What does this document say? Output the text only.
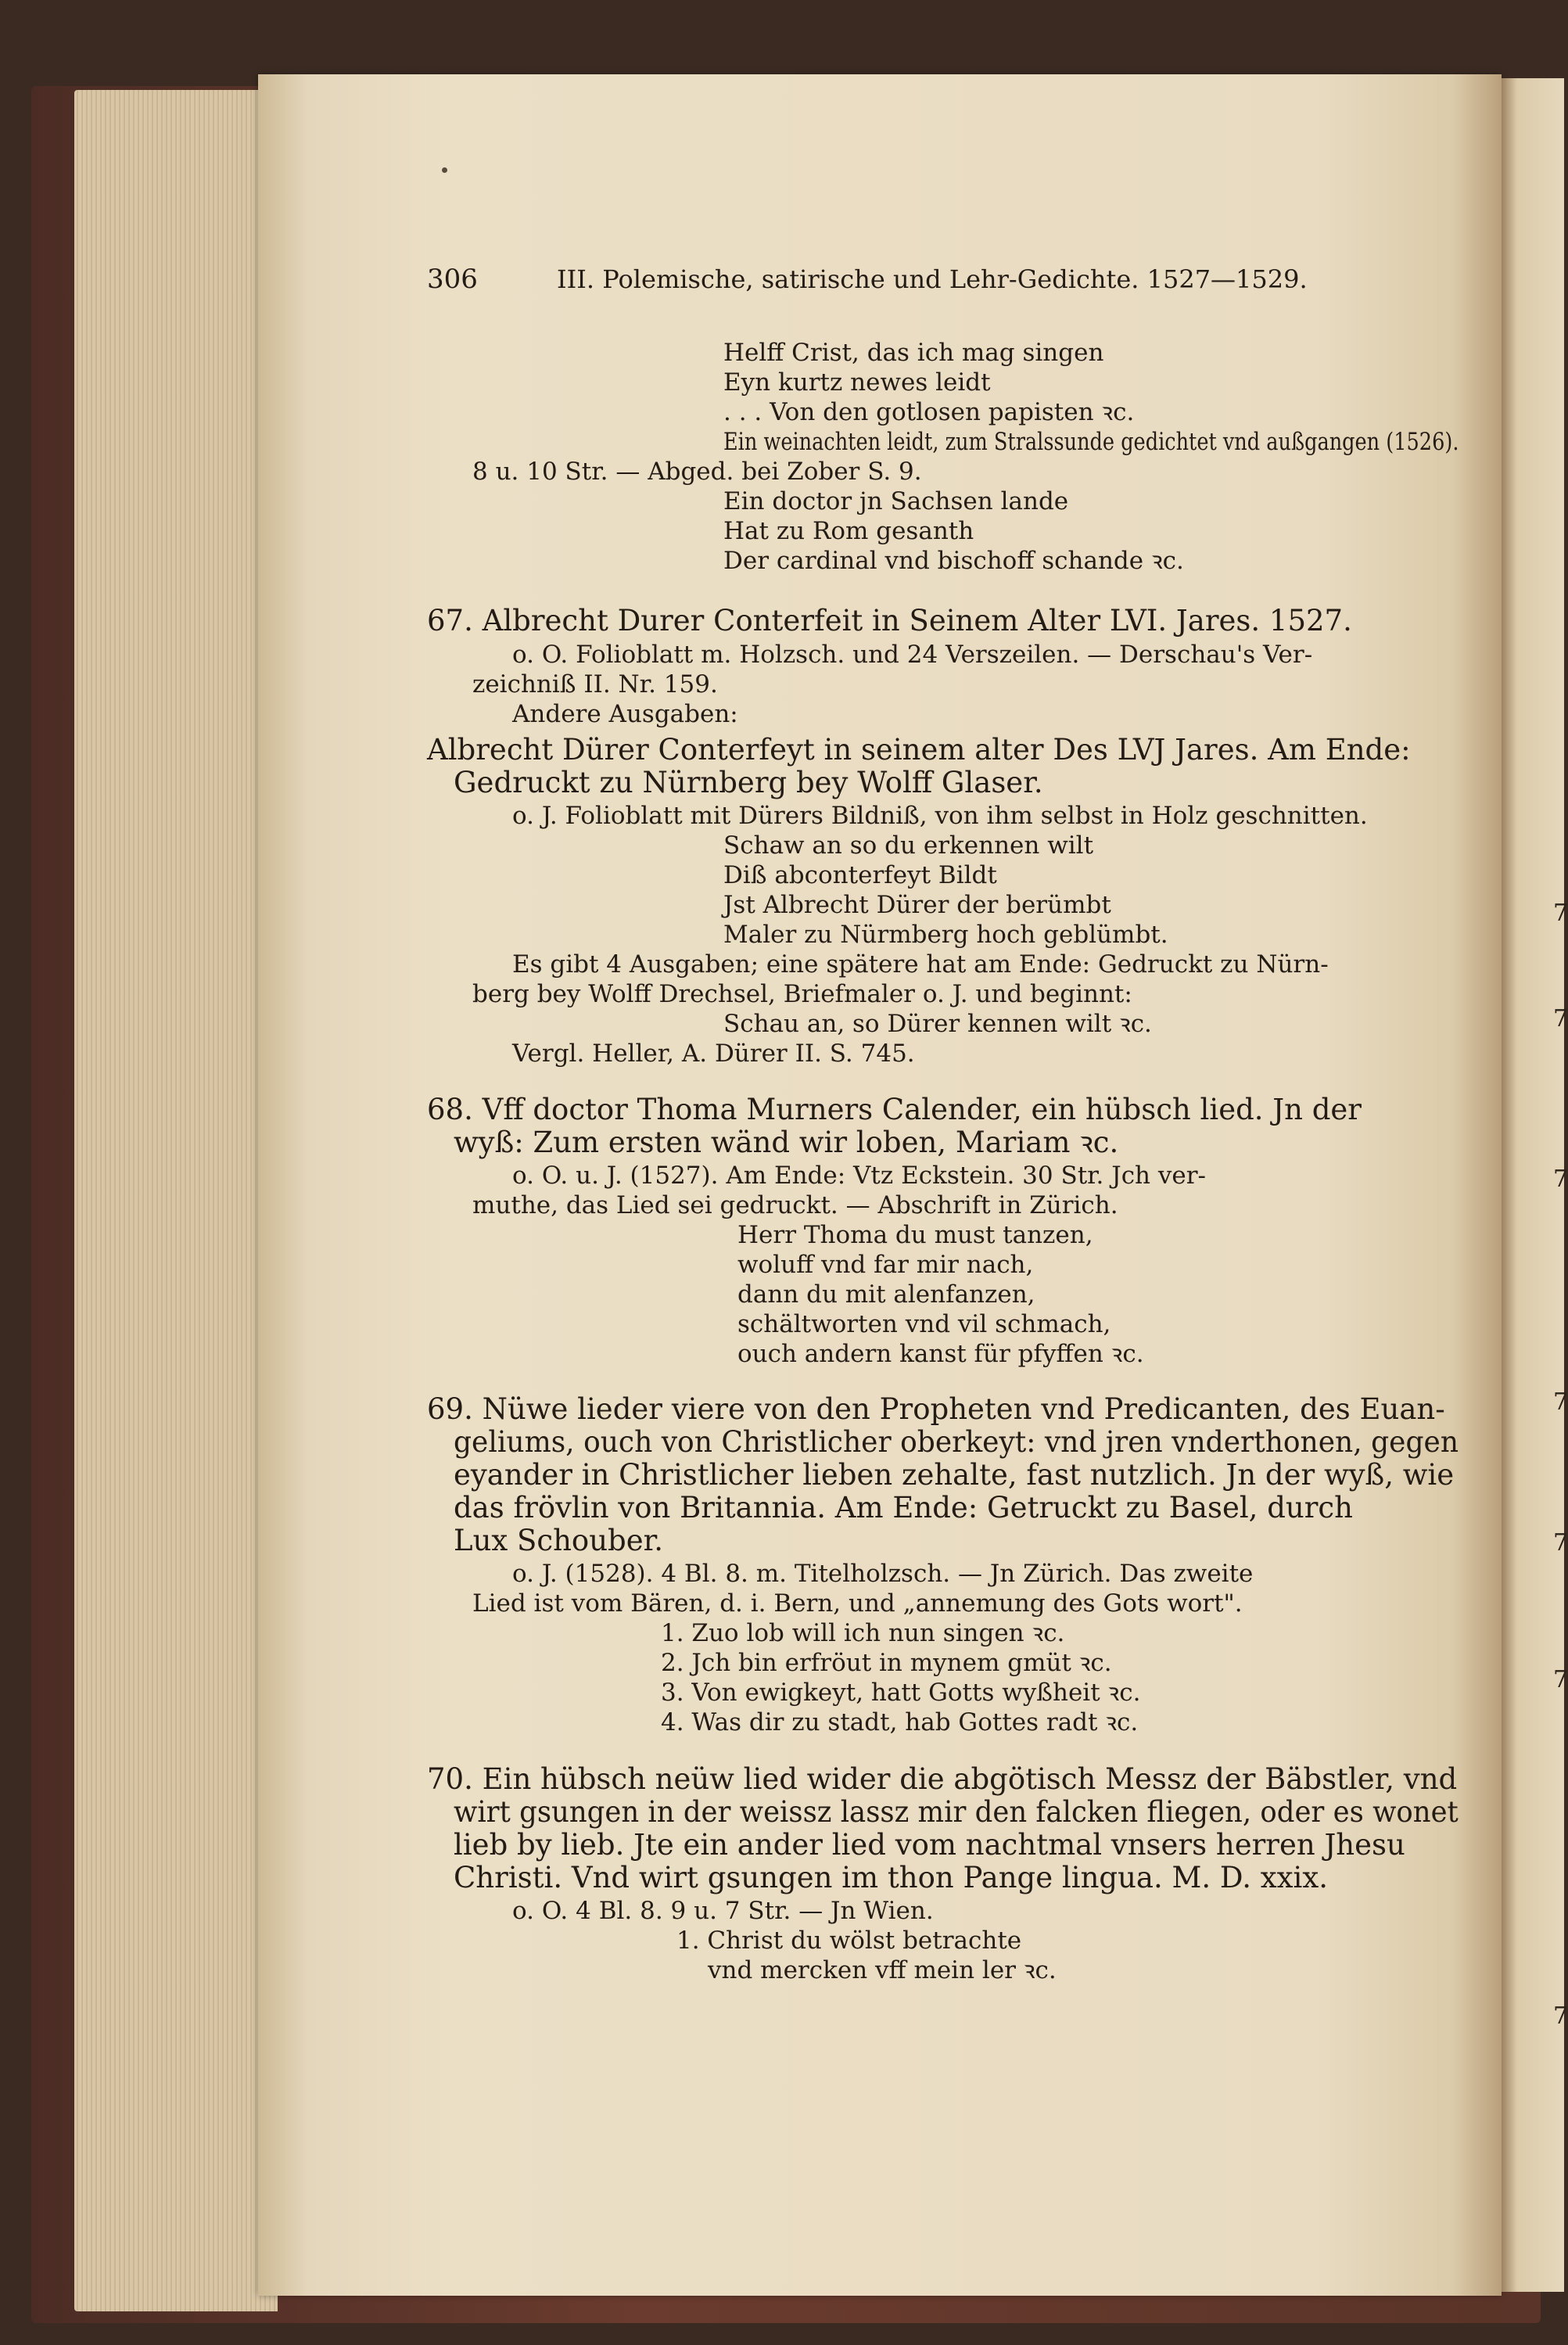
7
7
7
7
7
7
7
306	III. Polemische, satirische und Lehr-Gedichte. 1527—1529.
Helff Crist, das ich mag singen
Eyn kurtz newes leidt
. . . Von den gotlosen papisten ꝛc.
Ein weinachten leidt, zum Stralssunde gedichtet vnd außgangen (1526).
8 u. 10 Str. — Abged. bei Zober S. 9.
Ein doctor jn Sachsen lande
Hat zu Rom gesanth
Der cardinal vnd bischoff schande ꝛc.
67. Albrecht Durer Conterfeit in Seinem Alter LVI. Jares. 1527.
o. O. Folioblatt m. Holzsch. und 24 Verszeilen. — Derschau's Ver-
zeichniß II. Nr. 159.
Andere Ausgaben:
Albrecht Dürer Conterfeyt in seinem alter Des LVJ Jares. Am Ende:
Gedruckt zu Nürnberg bey Wolff Glaser.
o. J. Folioblatt mit Dürers Bildniß, von ihm selbst in Holz geschnitten.
Schaw an so du erkennen wilt
Diß abconterfeyt Bildt
Jst Albrecht Dürer der berümbt
Maler zu Nürmberg hoch geblümbt.
Es gibt 4 Ausgaben; eine spätere hat am Ende: Gedruckt zu Nürn-
berg bey Wolff Drechsel, Briefmaler o. J. und beginnt:
Schau an, so Dürer kennen wilt ꝛc.
Vergl. Heller, A. Dürer II. S. 745.
68. Vff doctor Thoma Murners Calender, ein hübsch lied. Jn der
wyß: Zum ersten wänd wir loben, Mariam ꝛc.
o. O. u. J. (1527). Am Ende: Vtz Eckstein. 30 Str. Jch ver-
muthe, das Lied sei gedruckt. — Abschrift in Zürich.
Herr Thoma du must tanzen,
woluff vnd far mir nach,
dann du mit alenfanzen,
schältworten vnd vil schmach,
ouch andern kanst für pfyffen ꝛc.
69. Nüwe lieder viere von den Propheten vnd Predicanten, des Euan-
geliums, ouch von Christlicher oberkeyt: vnd jren vnderthonen, gegen
eyander in Christlicher lieben zehalte, fast nutzlich. Jn der wyß, wie
das frövlin von Britannia. Am Ende: Getruckt zu Basel, durch
Lux Schouber.
o. J. (1528). 4 Bl. 8. m. Titelholzsch. — Jn Zürich. Das zweite
Lied ist vom Bären, d. i. Bern, und „annemung des Gots wort".
1. Zuo lob will ich nun singen ꝛc.
2. Jch bin erfröut in mynem gmüt ꝛc.
3. Von ewigkeyt, hatt Gotts wyßheit ꝛc.
4. Was dir zu stadt, hab Gottes radt ꝛc.
70. Ein hübsch neüw lied wider die abgötisch Messz der Bäbstler, vnd
wirt gsungen in der weissz lassz mir den falcken fliegen, oder es wonet
lieb by lieb. Jte ein ander lied vom nachtmal vnsers herren Jhesu
Christi. Vnd wirt gsungen im thon Pange lingua. M. D. xxix.
o. O. 4 Bl. 8. 9 u. 7 Str. — Jn Wien.
1. Christ du wölst betrachte
vnd mercken vff mein ler ꝛc.
